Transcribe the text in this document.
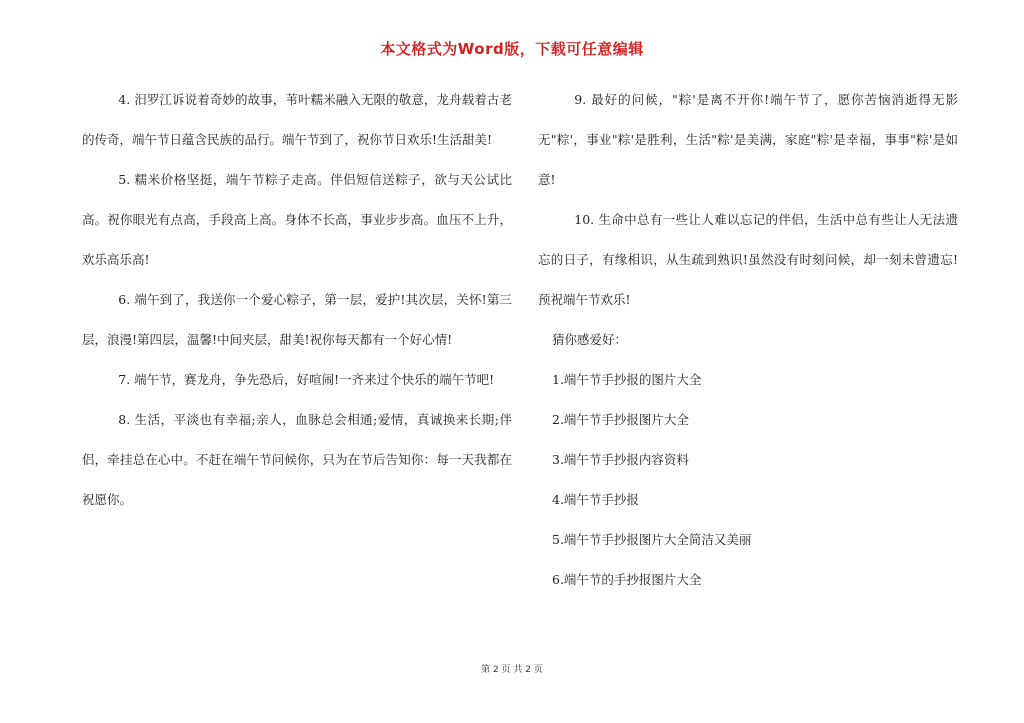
本文格式为Word版，下载可任意编辑

4. 汨罗江诉说着奇妙的故事，苇叶糯米融入无限的敬意，龙舟载着古老的传奇，端午节日蕴含民族的品行。端午节到了，祝你节日欢乐!生活甜美!

5. 糯米价格坚挺，端午节粽子走高。伴侣短信送粽子，欲与天公试比高。祝你眼光有点高，手段高上高。身体不长高，事业步步高。血压不上升，欢乐高乐高!

6. 端午到了，我送你一个爱心粽子，第一层，爱护!其次层，关怀!第三层，浪漫!第四层，温馨!中间夹层，甜美!祝你每天都有一个好心情!

7. 端午节，赛龙舟，争先恐后，好喧闹!一齐来过个快乐的端午节吧!

8. 生活，平淡也有幸福;亲人，血脉总会相通;爱情，真诚换来长期;伴侣，牵挂总在心中。不赶在端午节问候你，只为在节后告知你：每一天我都在祝愿你。

9. 最好的问候，"粽'是离不开你!端午节了，愿你苦恼消逝得无影无"粽'，事业"粽'是胜利，生活"粽'是美满，家庭"粽'是幸福，事事"粽'是如意!

10. 生命中总有一些让人难以忘记的伴侣，生活中总有些让人无法遗忘的日子，有缘相识，从生疏到熟识!虽然没有时刻问候，却一刻未曾遗忘!预祝端午节欢乐!

猜你感爱好：

1.端午节手抄报的图片大全

2.端午节手抄报图片大全

3.端午节手抄报内容资料

4.端午节手抄报

5.端午节手抄报图片大全简洁又美丽

6.端午节的手抄报图片大全

第 2 页 共 2 页
